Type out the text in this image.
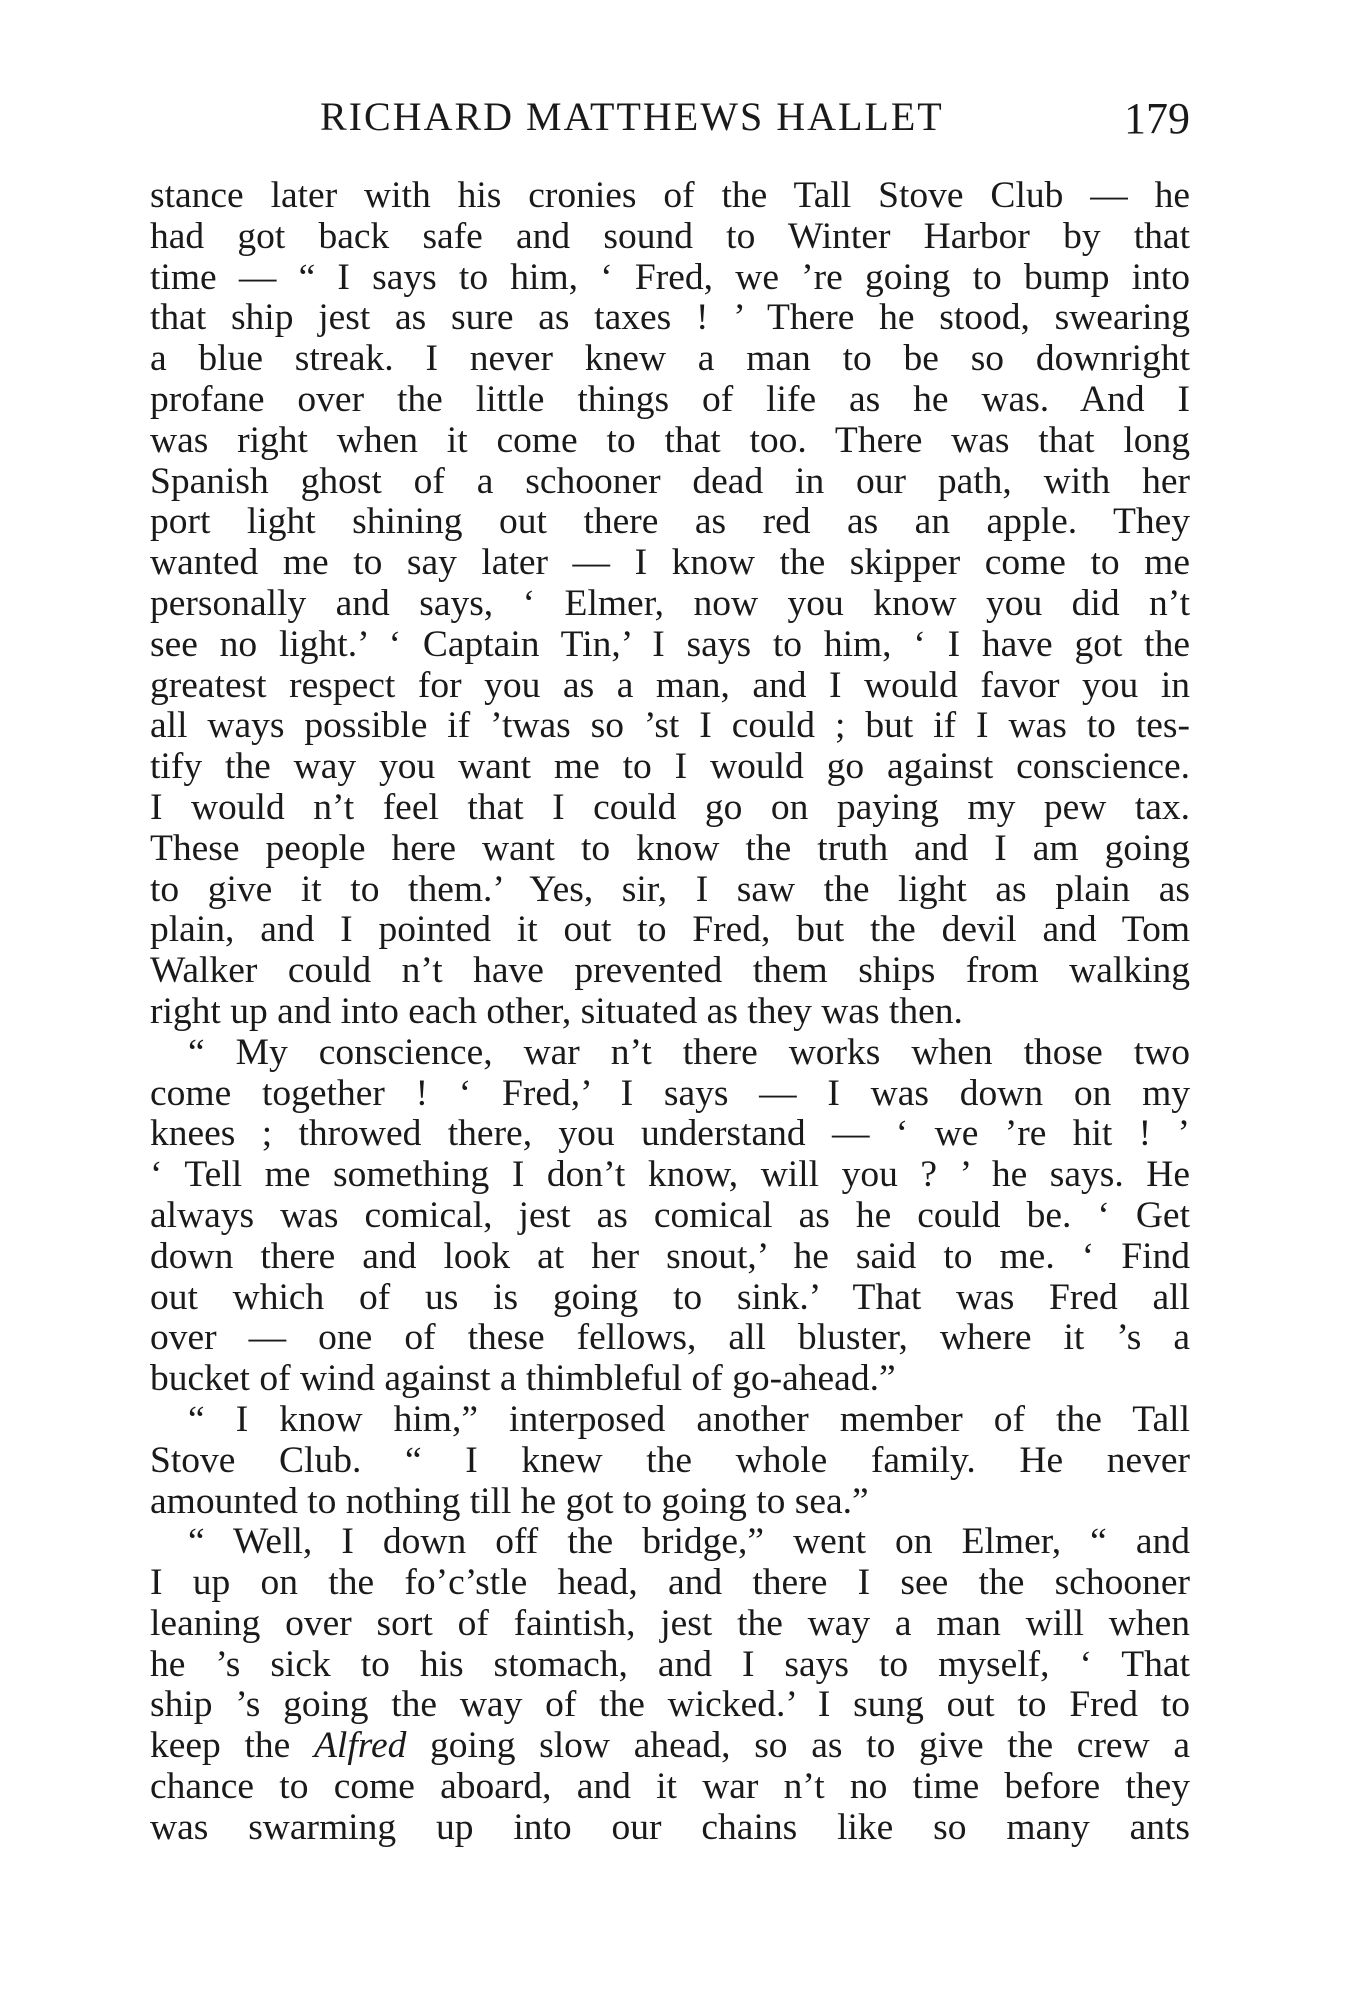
RICHARD MATTHEWS HALLET	179
stance later with his cronies of the Tall Stove Club — he
had got back safe and sound to Winter Harbor by that
time — “ I says to him, ‘ Fred, we ’re going to bump into
that ship jest as sure as taxes ! ’ There he stood, swearing
a blue streak. I never knew a man to be so downright
profane over the little things of life as he was. And I
was right when it come to that too. There was that long
Spanish ghost of a schooner dead in our path, with her
port light shining out there as red as an apple. They
wanted me to say later — I know the skipper come to me
personally and says, ‘ Elmer, now you know you did n’t
see no light.’ ‘ Captain Tin,’ I says to him, ‘ I have got the
greatest respect for you as a man, and I would favor you in
all ways possible if ’twas so ’st I could ; but if I was to tes-
tify the way you want me to I would go against conscience.
I would n’t feel that I could go on paying my pew tax.
These people here want to know the truth and I am going
to give it to them.’ Yes, sir, I saw the light as plain as
plain, and I pointed it out to Fred, but the devil and Tom
Walker could n’t have prevented them ships from walking
right up and into each other, situated as they was then.
“ My conscience, war n’t there works when those two
come together ! ‘ Fred,’ I says — I was down on my
knees ; throwed there, you understand — ‘ we ’re hit ! ’
‘ Tell me something I don’t know, will you ? ’ he says. He
always was comical, jest as comical as he could be. ‘ Get
down there and look at her snout,’ he said to me. ‘ Find
out which of us is going to sink.’ That was Fred all
over — one of these fellows, all bluster, where it ’s a
bucket of wind against a thimbleful of go-ahead.”
“ I know him,” interposed another member of the Tall
Stove Club. “ I knew the whole family. He never
amounted to nothing till he got to going to sea.”
“ Well, I down off the bridge,” went on Elmer, “ and
I up on the fo’c’stle head, and there I see the schooner
leaning over sort of faintish, jest the way a man will when
he ’s sick to his stomach, and I says to myself, ‘ That
ship ’s going the way of the wicked.’ I sung out to Fred to
keep the Alfred going slow ahead, so as to give the crew a
chance to come aboard, and it war n’t no time before they
was swarming up into our chains like so many ants
